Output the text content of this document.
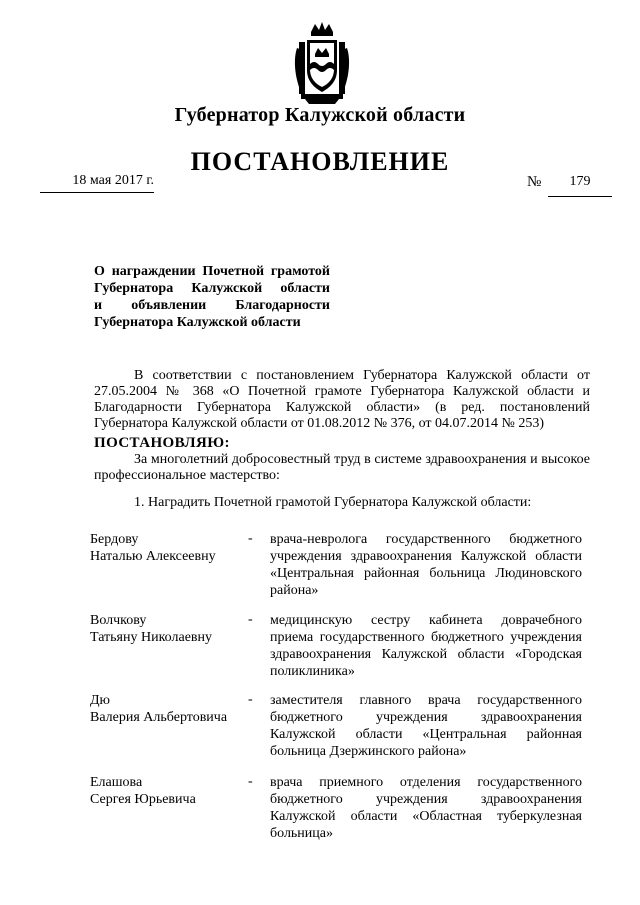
Губернатор Калужской области
ПОСТАНОВЛЕНИЕ
18 мая 2017 г.	№	179
О награждении Почетной грамотой
Губернатора Калужской области
и объявлении Благодарности
Губернатора Калужской области

В соответствии с постановлением Губернатора Калужской области от 27.05.2004 № 368 «О Почетной грамоте Губернатора Калужской области и Благодарности Губернатора Калужской области» (в ред. постановлений Губернатора Калужской области от 01.08.2012 № 376, от 04.07.2014 № 253)

ПОСТАНОВЛЯЮ:

За многолетний добросовестный труд в системе здравоохранения и высокое профессиональное мастерство:

1. Наградить Почетной грамотой Губернатора Калужской области:
Бердову
Наталью Алексеевну
-	врача-невролога государственного бюджетного учреждения здравоохранения Калужской области «Центральная районная больница Людиновского района»

Волчкову
Татьяну Николаевну
-	медицинскую сестру кабинета доврачебного приема государственного бюджетного учреждения здравоохранения Калужской области «Городская поликлиника»

Дю
Валерия Альбертовича
-	заместителя главного врача государственного бюджетного учреждения здравоохранения Калужской области «Центральная районная больница Дзержинского района»

Елашова
Сергея Юрьевича
-	врача приемного отделения государственного бюджетного учреждения здравоохранения Калужской области «Областная туберкулезная больница»
